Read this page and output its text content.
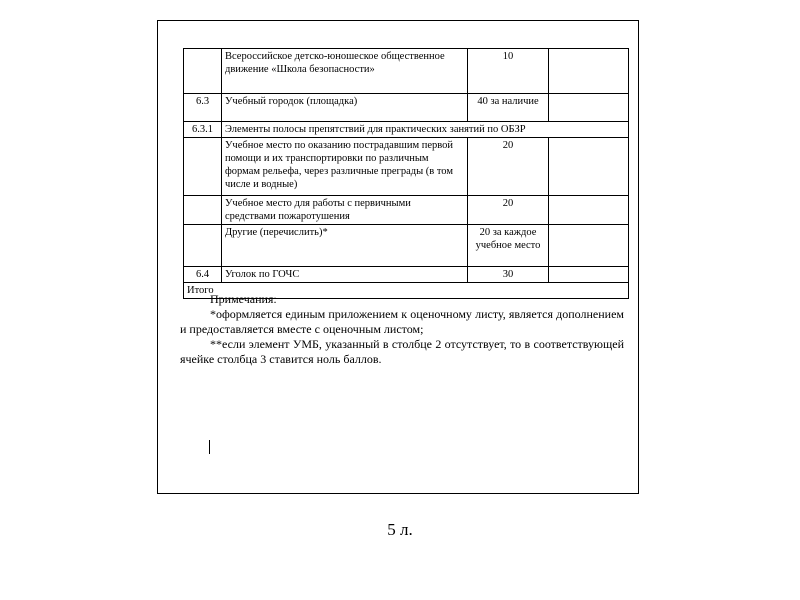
	Всероссийское детско-юношеское общественное движение «Школа безопасности»	10	
6.3	Учебный городок (площадка)	40 за наличие	
6.3.1	Элементы полосы препятствий для практических занятий по ОБЗР		
	Учебное место по оказанию пострадавшим первой помощи и их транспортировки по различным формам рельефа, через различные преграды (в том числе и водные)	20	
	Учебное место для работы с первичными средствами пожаротушения	20	
	Другие (перечислить)*	20 за каждое учебное место	
6.4	Уголок по ГОЧС	30	
Итого			

Примечания:

*оформляется единым приложением к оценочному листу, является дополнением и предоставляется вместе с оценочным листом;

**если элемент УМБ, указанный в столбце 2 отсутствует, то в соответствующей ячейке столбца 3 ставится ноль баллов.

5 л.
